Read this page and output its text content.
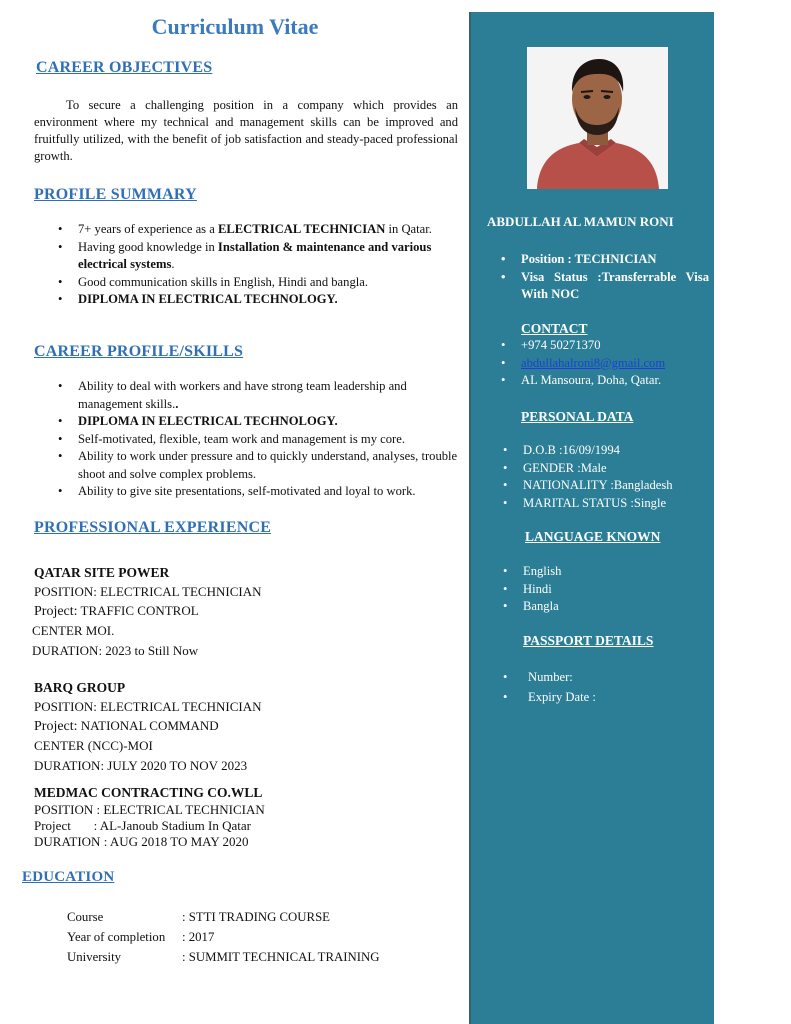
Curriculum Vitae
CAREER OBJECTIVES
To secure a challenging position in a company which provides an environment where my technical and management skills can be improved and fruitfully utilized, with the benefit of job satisfaction and steady-paced professional growth.
PROFILE SUMMARY
• 7+ years of experience as a ELECTRICAL TECHNICIAN in Qatar.
• Having good knowledge in Installation & maintenance and various electrical systems.
• Good communication skills in English, Hindi and bangla.
• DIPLOMA IN ELECTRICAL TECHNOLOGY.
CAREER PROFILE/SKILLS
• Ability to deal with workers and have strong team leadership and management skills..
• DIPLOMA IN ELECTRICAL TECHNOLOGY.
• Self-motivated, flexible, team work and management is my core.
• Ability to work under pressure and to quickly understand, analyses, trouble shoot and solve complex problems.
• Ability to give site presentations, self-motivated and loyal to work.
PROFESSIONAL EXPERIENCE
QATAR SITE POWER
POSITION: ELECTRICAL TECHNICIAN
Project: TRAFFIC CONTROL
CENTER MOI.
DURATION: 2023 to Still Now
BARQ GROUP
POSITION: ELECTRICAL TECHNICIAN
Project: NATIONAL COMMAND
CENTER (NCC)-MOI
DURATION: JULY 2020 TO NOV 2023
MEDMAC CONTRACTING CO.WLL
POSITION : ELECTRICAL TECHNICIAN
Project       : AL-Janoub Stadium In Qatar
DURATION : AUG 2018 TO MAY 2020
EDUCATION
Course	: STTI TRADING COURSE
Year of completion	: 2017
University	: SUMMIT TECHNICAL TRAINING
ABDULLAH AL MAMUN RONI
• Position : TECHNICIAN
• Visa Status :Transferrable Visa With NOC
CONTACT
• +974 50271370
• abdullahalroni8@gmail.com
• AL Mansoura, Doha, Qatar.
PERSONAL DATA
• D.O.B :16/09/1994
• GENDER :Male
• NATIONALITY :Bangladesh
• MARITAL STATUS :Single
LANGUAGE KNOWN
• English
• Hindi
• Bangla
PASSPORT DETAILS
• Number:
• Expiry Date :
